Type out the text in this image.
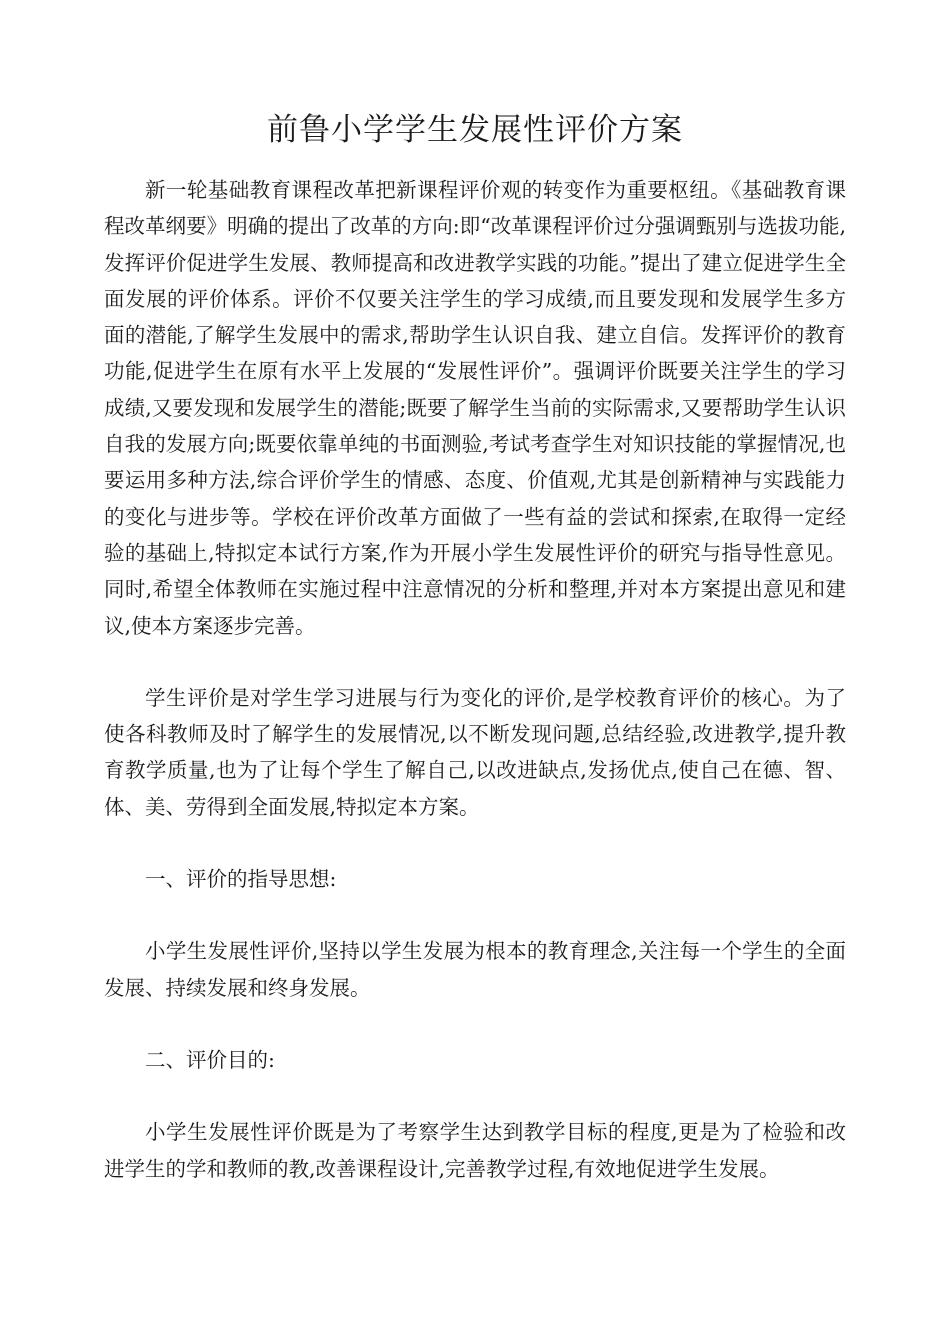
前鲁小学学生发展性评价方案

新一轮基础教育课程改革把新课程评价观的转变作为重要枢纽。《基础教育课程改革纲要》明确的提出了改革的方向:即“改革课程评价过分强调甄别与选拔功能,发挥评价促进学生发展、教师提高和改进教学实践的功能。”提出了建立促进学生全面发展的评价体系。评价不仅要关注学生的学习成绩,而且要发现和发展学生多方面的潜能,了解学生发展中的需求,帮助学生认识自我、建立自信。发挥评价的教育功能,促进学生在原有水平上发展的“发展性评价”。强调评价既要关注学生的学习成绩,又要发现和发展学生的潜能;既要了解学生当前的实际需求,又要帮助学生认识自我的发展方向;既要依靠单纯的书面测验,考试考查学生对知识技能的掌握情况,也要运用多种方法,综合评价学生的情感、态度、价值观,尤其是创新精神与实践能力的变化与进步等。学校在评价改革方面做了一些有益的尝试和探索,在取得一定经验的基础上,特拟定本试行方案,作为开展小学生发展性评价的研究与指导性意见。同时,希望全体教师在实施过程中注意情况的分析和整理,并对本方案提出意见和建议,使本方案逐步完善。

学生评价是对学生学习进展与行为变化的评价,是学校教育评价的核心。为了使各科教师及时了解学生的发展情况,以不断发现问题,总结经验,改进教学,提升教育教学质量,也为了让每个学生了解自己,以改进缺点,发扬优点,使自己在德、智、体、美、劳得到全面发展,特拟定本方案。

一、评价的指导思想:

小学生发展性评价,坚持以学生发展为根本的教育理念,关注每一个学生的全面发展、持续发展和终身发展。

二、评价目的:

小学生发展性评价既是为了考察学生达到教学目标的程度,更是为了检验和改进学生的学和教师的教,改善课程设计,完善教学过程,有效地促进学生发展。
